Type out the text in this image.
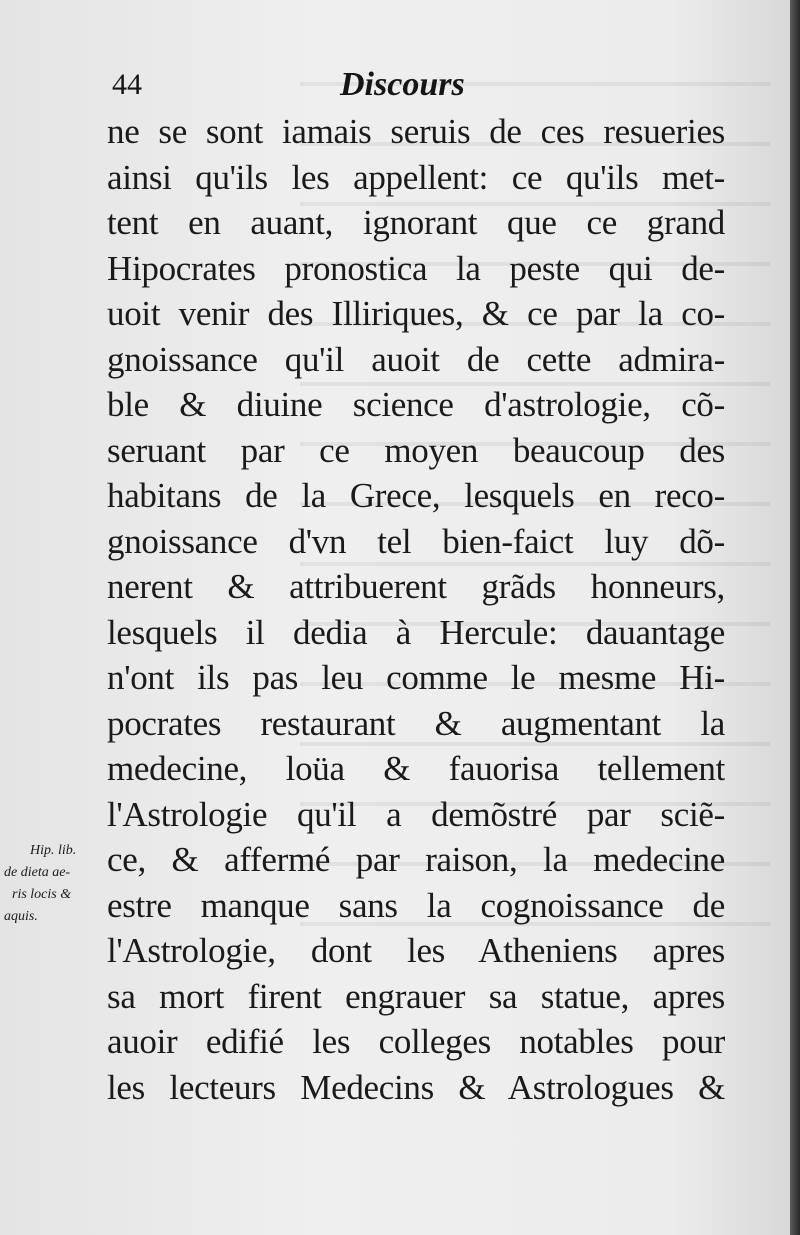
44	Discours
Hip. lib.
de dieta ae-
ris locis &
aquis.
ne se sont iamais seruis de ces resueries
ainsi qu'ils les appellent: ce qu'ils met-
tent en auant, ignorant que ce grand
Hipocrates pronostica la peste qui de-
uoit venir des Illiriques, & ce par la co-
gnoissance qu'il auoit de cette admira-
ble & diuine science d'astrologie, cõ-
seruant par ce moyen beaucoup des
habitans de la Grece, lesquels en reco-
gnoissance d'vn tel bien-faict luy dõ-
nerent & attribuerent grãds honneurs,
lesquels il dedia à Hercule: dauantage
n'ont ils pas leu comme le mesme Hi-
pocrates restaurant & augmentant la
medecine, loüa & fauorisa tellement
l'Astrologie qu'il a demõstré par sciẽ-
ce, & affermé par raison, la medecine
estre manque sans la cognoissance de
l'Astrologie, dont les Atheniens apres
sa mort firent engrauer sa statue, apres
auoir edifié les colleges notables pour
les lecteurs Medecins & Astrologues &
